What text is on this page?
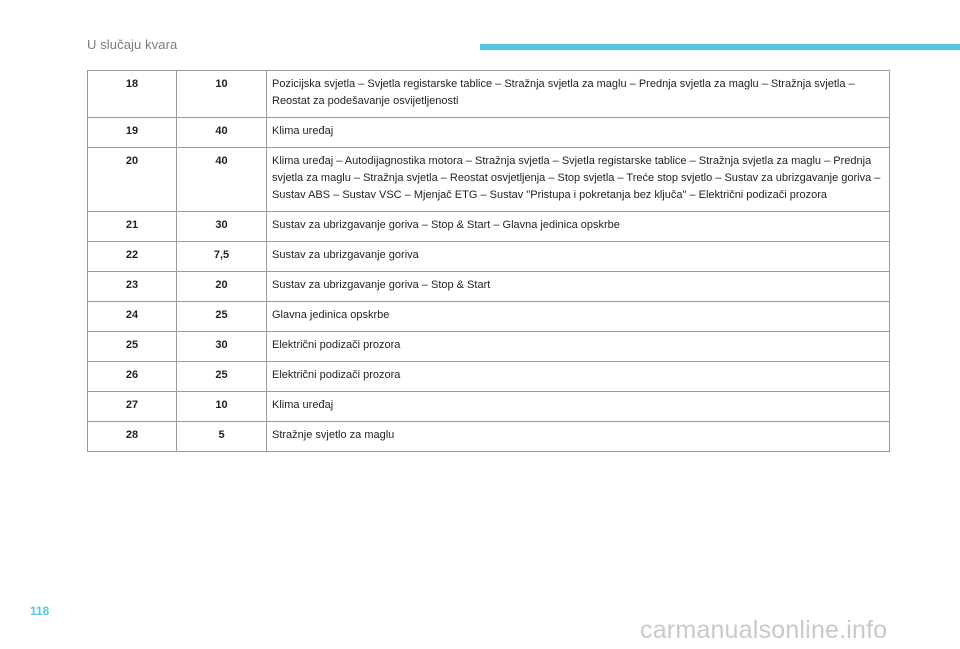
U slučaju kvara
18	10	Pozicijska svjetla – Svjetla registarske tablice – Stražnja svjetla za maglu – Prednja svjetla za maglu – Stražnja svjetla – Reostat za podešavanje osvijetljenosti
19	40	Klima uređaj
20	40	Klima uređaj – Autodijagnostika motora – Stražnja svjetla – Svjetla registarske tablice – Stražnja svjetla za maglu – Prednja svjetla za maglu – Stražnja svjetla – Reostat osvjetljenja – Stop svjetla – Treće stop svjetlo – Sustav za ubrizgavanje goriva – Sustav ABS – Sustav VSC – Mjenjač ETG – Sustav "Pristupa i pokretanja bez ključa" – Električni podizači prozora
21	30	Sustav za ubrizgavanje goriva – Stop & Start – Glavna jedinica opskrbe
22	7,5	Sustav za ubrizgavanje goriva
23	20	Sustav za ubrizgavanje goriva – Stop & Start
24	25	Glavna jedinica opskrbe
25	30	Električni podizači prozora
26	25	Električni podizači prozora
27	10	Klima uređaj
28	5	Stražnje svjetlo za maglu
118
carmanualsonline.info
